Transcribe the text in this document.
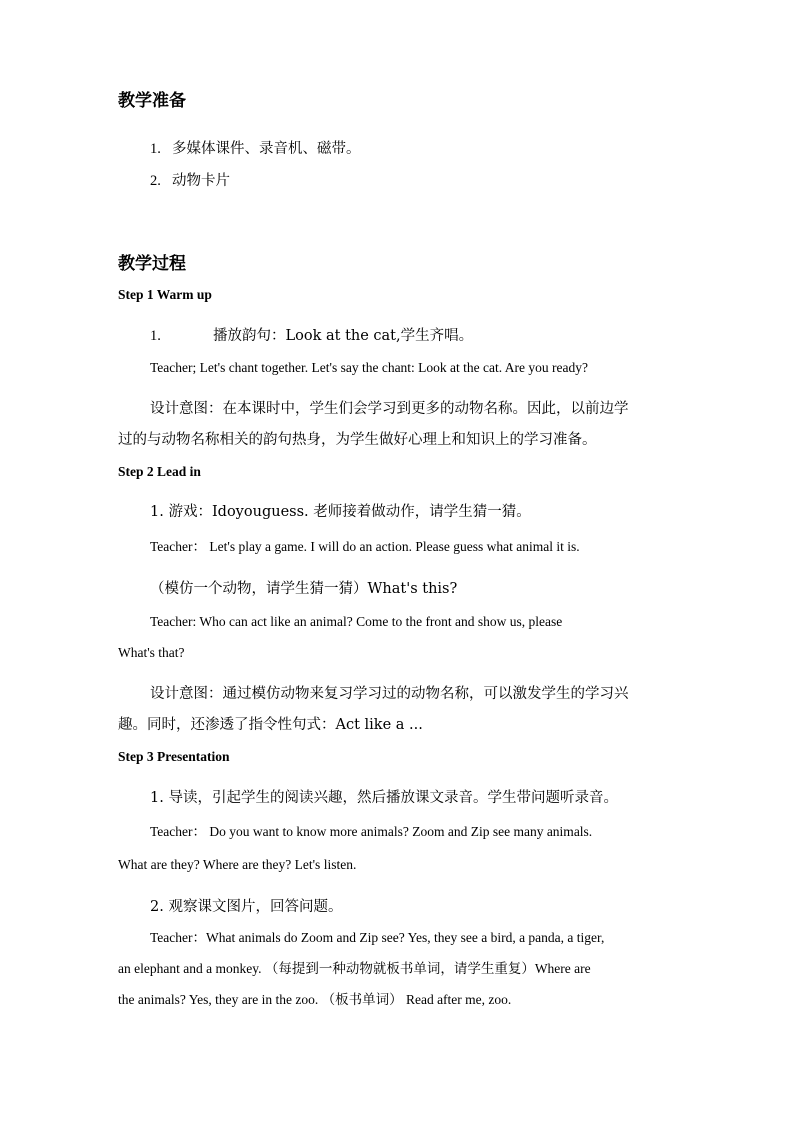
教学准备
1. 多媒体课件、录音机、磁带。
2. 动物卡片
教学过程
Step 1 Warm up
1.	播放韵句：Look at the cat,学生齐唱。
Teacher; Let's chant together. Let's say the chant: Look at the cat. Are you ready?
设计意图：在本课时中，学生们会学习到更多的动物名称。因此，以前边学
过的与动物名称相关的韵句热身，为学生做好心理上和知识上的学习准备。
Step 2 Lead in
1. 游戏：Idoyouguess. 老师接着做动作，请学生猜一猜。
Teacher： Let's play a game. I will do an action. Please guess what animal it is.
（模仿一个动物，请学生猜一猜）What's this?
Teacher: Who can act like an animal? Come to the front and show us, please
What's that?
设计意图：通过模仿动物来复习学习过的动物名称，可以激发学生的学习兴
趣。同时，还渗透了指令性句式：Act like a ...
Step 3 Presentation
1. 导读，引起学生的阅读兴趣，然后播放课文录音。学生带问题听录音。
Teacher： Do you want to know more animals? Zoom and Zip see many animals.
What are they? Where are they? Let's listen.
2. 观察课文图片，回答问题。
Teacher：What animals do Zoom and Zip see? Yes, they see a bird, a panda, a tiger,
an elephant and a monkey. （每提到一种动物就板书单词，请学生重复）Where are
the animals? Yes, they are in the zoo. （板书单词） Read after me, zoo.
